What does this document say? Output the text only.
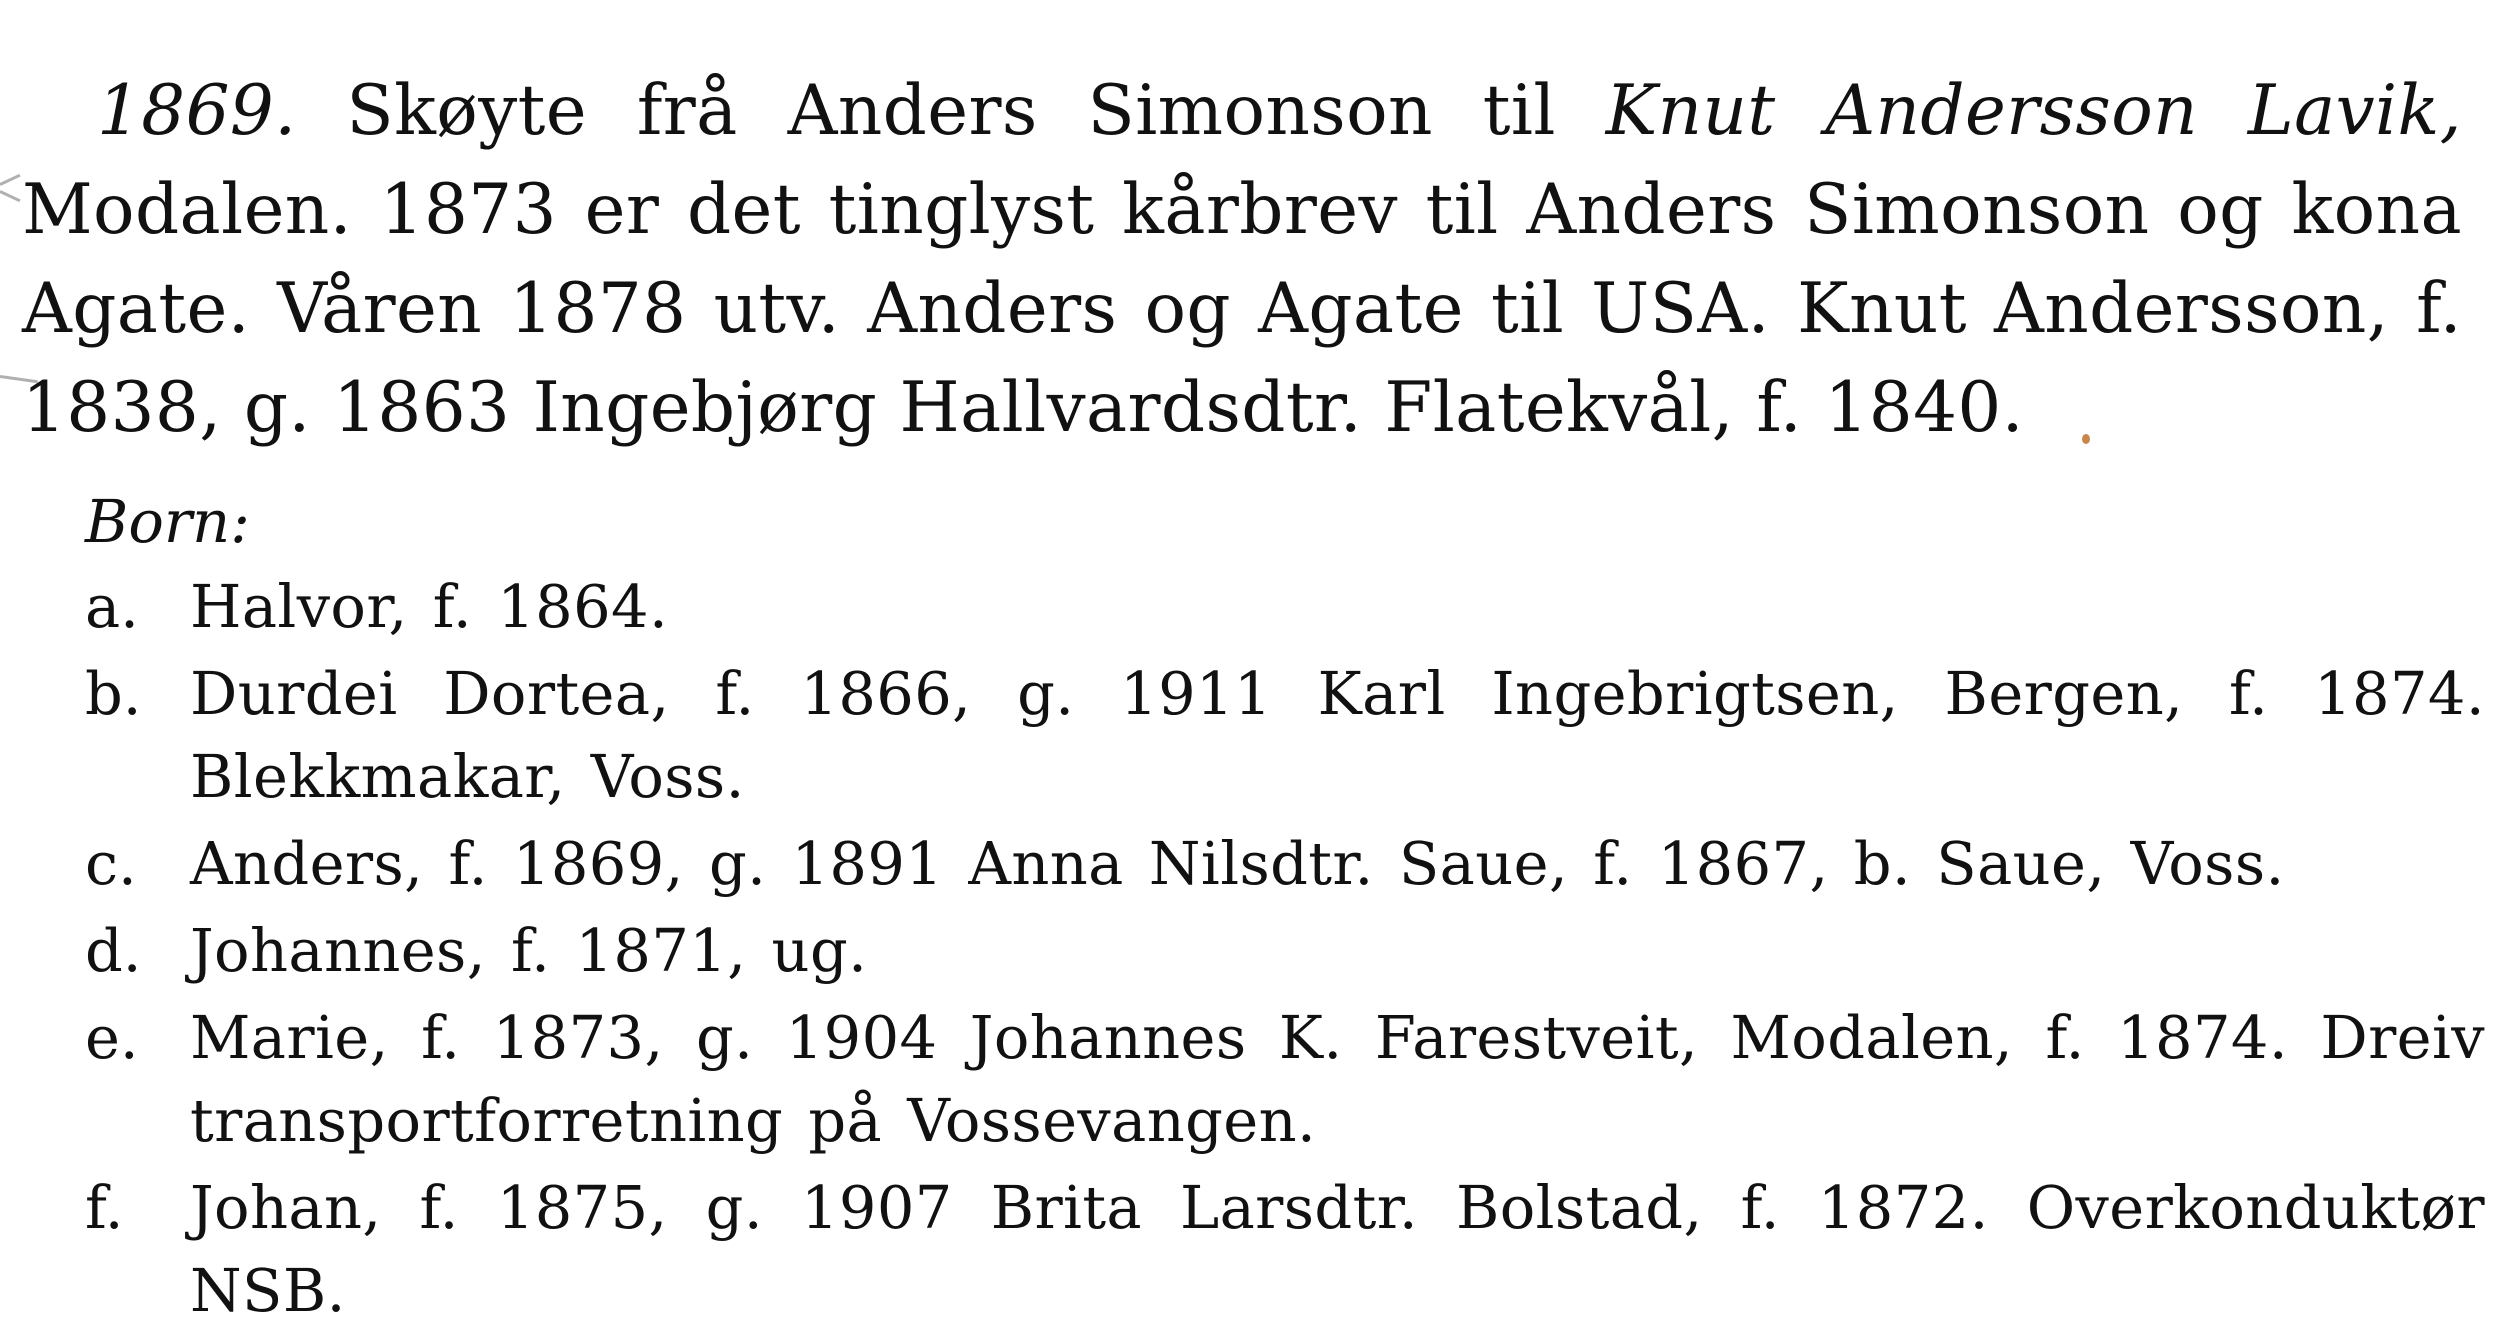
1869. Skøyte frå Anders Simonson til Knut Andersson Lavik, Modalen. 1873 er det tinglyst kårbrev til Anders Simonson og kona Agate. Våren 1878 utv. Anders og Agate til USA. Knut Andersson, f. 1838, g. 1863 Ingebjørg Hallvardsdtr. Flatekvål, f. 1840.

Born:

a. Halvor, f. 1864.
b. Durdei Dortea, f. 1866, g. 1911 Karl Ingebrigtsen, Bergen, f. 1874. Blekkmakar, Voss.
c. Anders, f. 1869, g. 1891 Anna Nilsdtr. Saue, f. 1867, b. Saue, Voss.
d. Johannes, f. 1871, ug.
e. Marie, f. 1873, g. 1904 Johannes K. Farestveit, Modalen, f. 1874. Dreiv transportforretning på Vossevangen.
f. Johan, f. 1875, g. 1907 Brita Larsdtr. Bolstad, f. 1872. Overkonduktør NSB.
